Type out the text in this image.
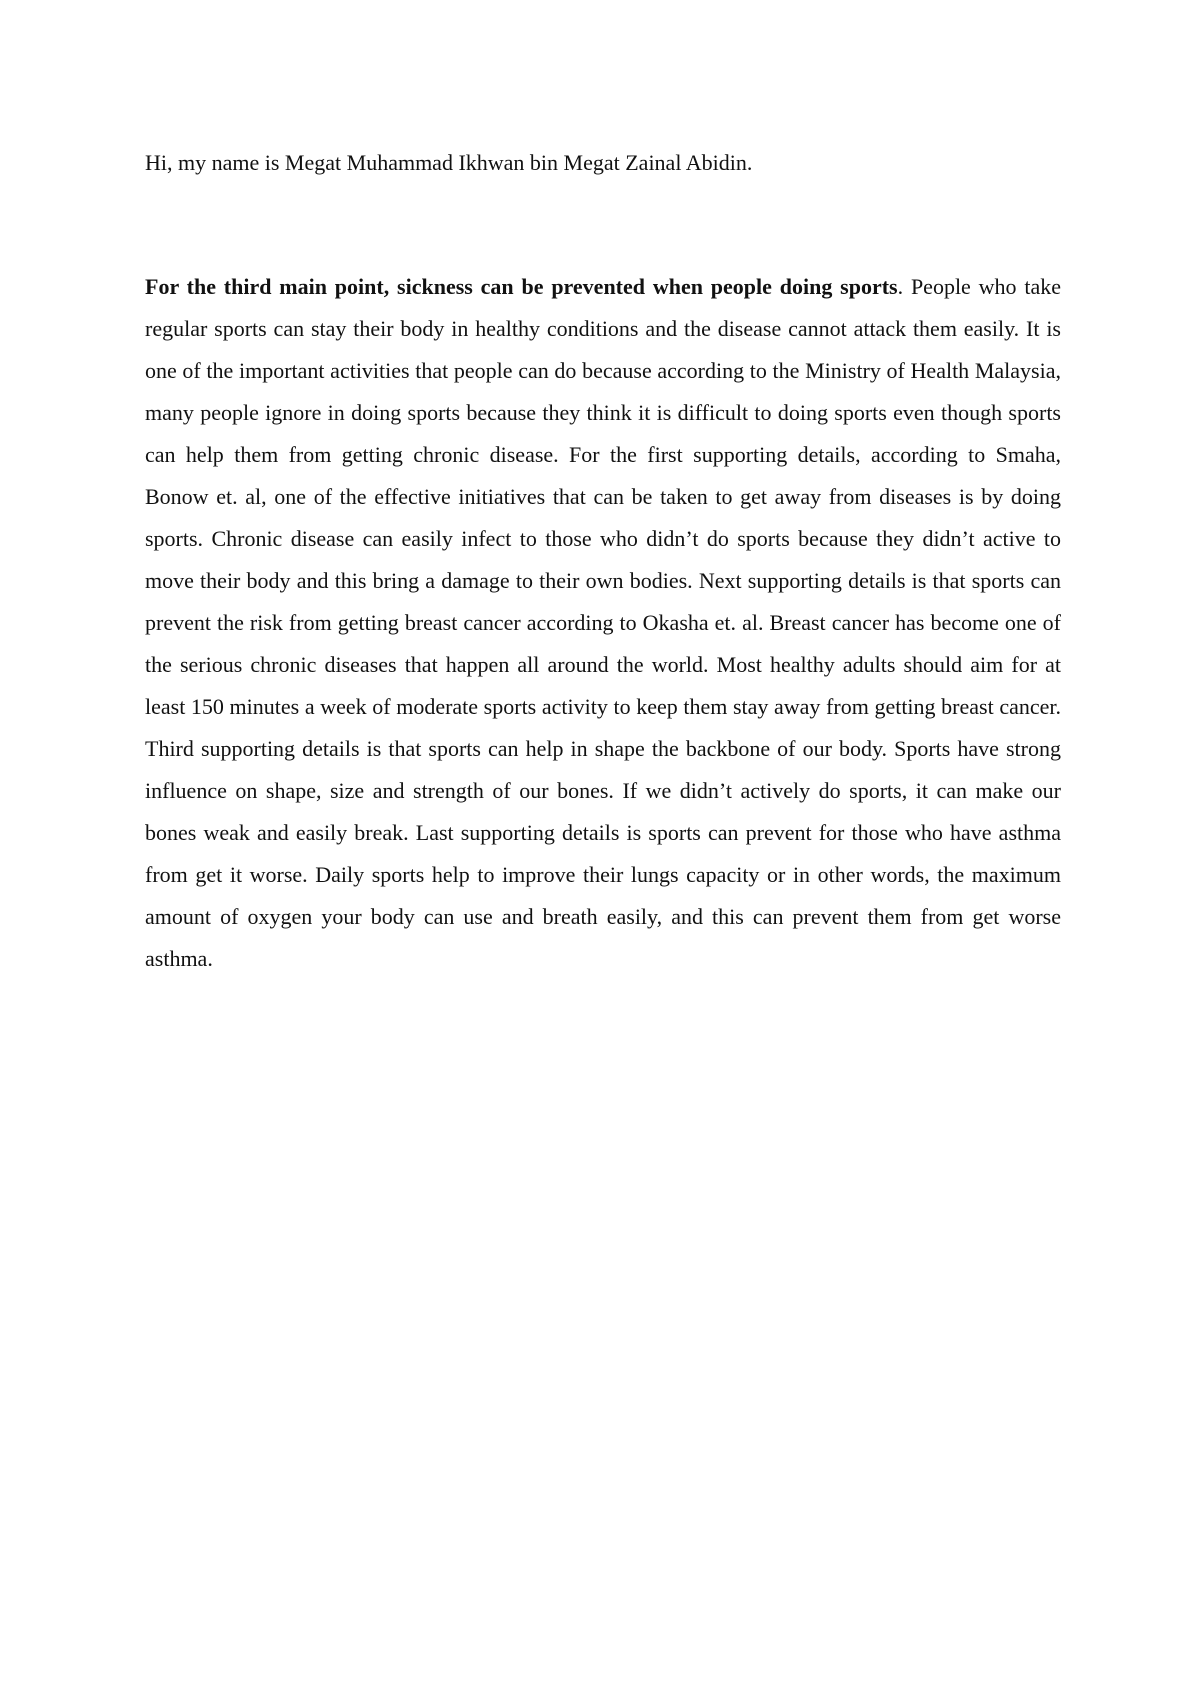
Hi, my name is Megat Muhammad Ikhwan bin Megat Zainal Abidin.

For the third main point, sickness can be prevented when people doing sports. People who take regular sports can stay their body in healthy conditions and the disease cannot attack them easily. It is one of the important activities that people can do because according to the Ministry of Health Malaysia, many people ignore in doing sports because they think it is difficult to doing sports even though sports can help them from getting chronic disease. For the first supporting details, according to Smaha, Bonow et. al, one of the effective initiatives that can be taken to get away from diseases is by doing sports. Chronic disease can easily infect to those who didn’t do sports because they didn’t active to move their body and this bring a damage to their own bodies. Next supporting details is that sports can prevent the risk from getting breast cancer according to Okasha et. al. Breast cancer has become one of the serious chronic diseases that happen all around the world. Most healthy adults should aim for at least 150 minutes a week of moderate sports activity to keep them stay away from getting breast cancer. Third supporting details is that sports can help in shape the backbone of our body. Sports have strong influence on shape, size and strength of our bones. If we didn’t actively do sports, it can make our bones weak and easily break. Last supporting details is sports can prevent for those who have asthma from get it worse. Daily sports help to improve their lungs capacity or in other words, the maximum amount of oxygen your body can use and breath easily, and this can prevent them from get worse asthma.
